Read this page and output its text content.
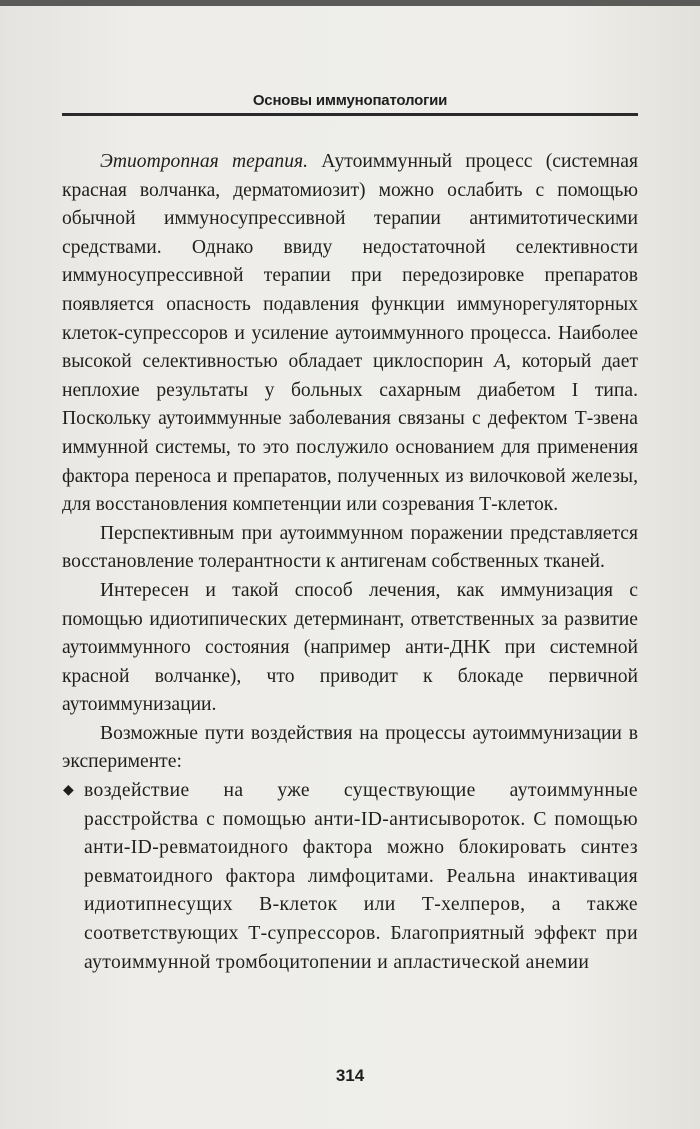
Основы иммунопатологии

Этиотропная терапия. Аутоиммунный процесс (системная красная волчанка, дерматомиозит) можно ослабить с помощью обычной иммуносупрессивной терапии антимитотическими средствами. Однако ввиду недостаточной селективности иммуносупрессивной терапии при передозировке препаратов появляется опасность подавления функции иммунорегуляторных клеток-супрессоров и усиление аутоиммунного процесса. Наиболее высокой селективностью обладает циклоспорин А, который дает неплохие результаты у больных сахарным диабетом I типа. Поскольку аутоиммунные заболевания связаны с дефектом Т-звена иммунной системы, то это послужило основанием для применения фактора переноса и препаратов, полученных из вилочковой железы, для восстановления компетенции или созревания Т-клеток.

Перспективным при аутоиммунном поражении представляется восстановление толерантности к антигенам собственных тканей.

Интересен и такой способ лечения, как иммунизация с помощью идиотипических детерминант, ответственных за развитие аутоиммунного состояния (например анти-ДНК при системной красной волчанке), что приводит к блокаде первичной аутоиммунизации.

Возможные пути воздействия на процессы аутоиммунизации в эксперименте:

◆ воздействие на уже существующие аутоиммунные расстройства с помощью анти-ID-антисывороток. С помощью анти-ID-ревматоидного фактора можно блокировать синтез ревматоидного фактора лимфоцитами. Реальна инактивация идиотипнесущих В-клеток или Т-хелперов, а также соответствующих Т-супрессоров. Благоприятный эффект при аутоиммунной тромбоцитопении и апластической анемии
314
